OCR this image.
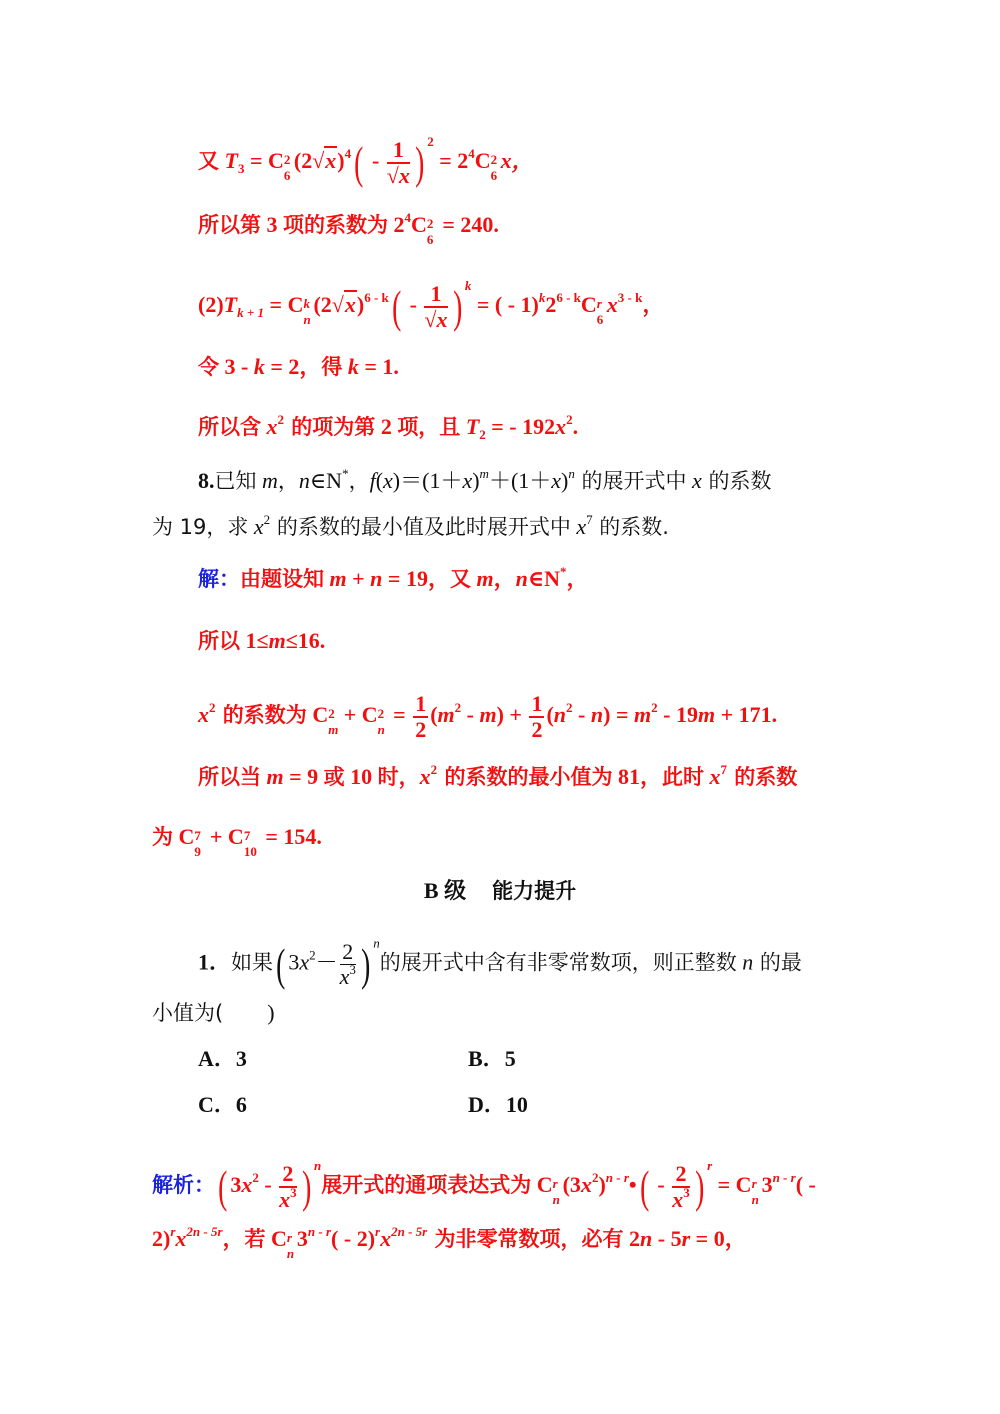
又 $T_3 = C$ 2
6
$(2√x)^4( - \frac{1}{√x}$ ) $^2 = 2^4C$ 2
6
x，
所以第 3 项的系数为 $2^4C$ 2
6
= 240.
$(2)T_{k + 1} = C$ k
n
$(2√x)^{6 - k}( - \frac{1}{√x}$ ) $^k$ = ( - 1)$^k$2$^{6 - k}$C r
6
$x^{3 - k}$，
令 3 - k = 2，得 k = 1.
所以含 $x^2$ 的项为第 2 项，且 $T_2$ = - $192x^2$.
8.已知 m，n∈N*，$f(x)=(1+x)^m+(1+x)^n$ 的展开式中 x 的系数
为 19，求 $x^2$ 的系数的最小值及此时展开式中 $x^7$ 的系数.
解：由题设知 m + n = 19，又 m，n∈N*，
所以 1≤m≤16.
$x^2$ 的系数为 C 2
m
+ C 2
n
= $\frac{1}{2} (m^2 - m) + \frac{1}{2} (n^2 - n) = m^2 - 19m + 171$.
所以当 m = 9 或 10 时，$x^2$ 的系数的最小值为 81，此时 $x^7$ 的系数
为 C 7
9
+ C 7
10
= 154.
B 级 能力提升
1．如果( $3x^2- \frac{2}{x^3}$ ) $^n$的展开式中含有非零常数项，则正整数 n 的最
小值为(　　 )
A．3	B．5
C．6	D．10
解析：( $3x^2 - \frac{2}{x^3}$ ) $^n$展开式的通项表达式为 C r
n
$(3x^2)^{n - r}•( - \frac{2}{x^3}$ ) $^r$ = C r
n
3$^{n - r}$( -
$2)^rx^{2n - 5r}$，若 C r
n
$3^{n - r}( - 2)^rx^{2n - 5r}$ 为非零常数项，必有 2n - 5r = 0，
